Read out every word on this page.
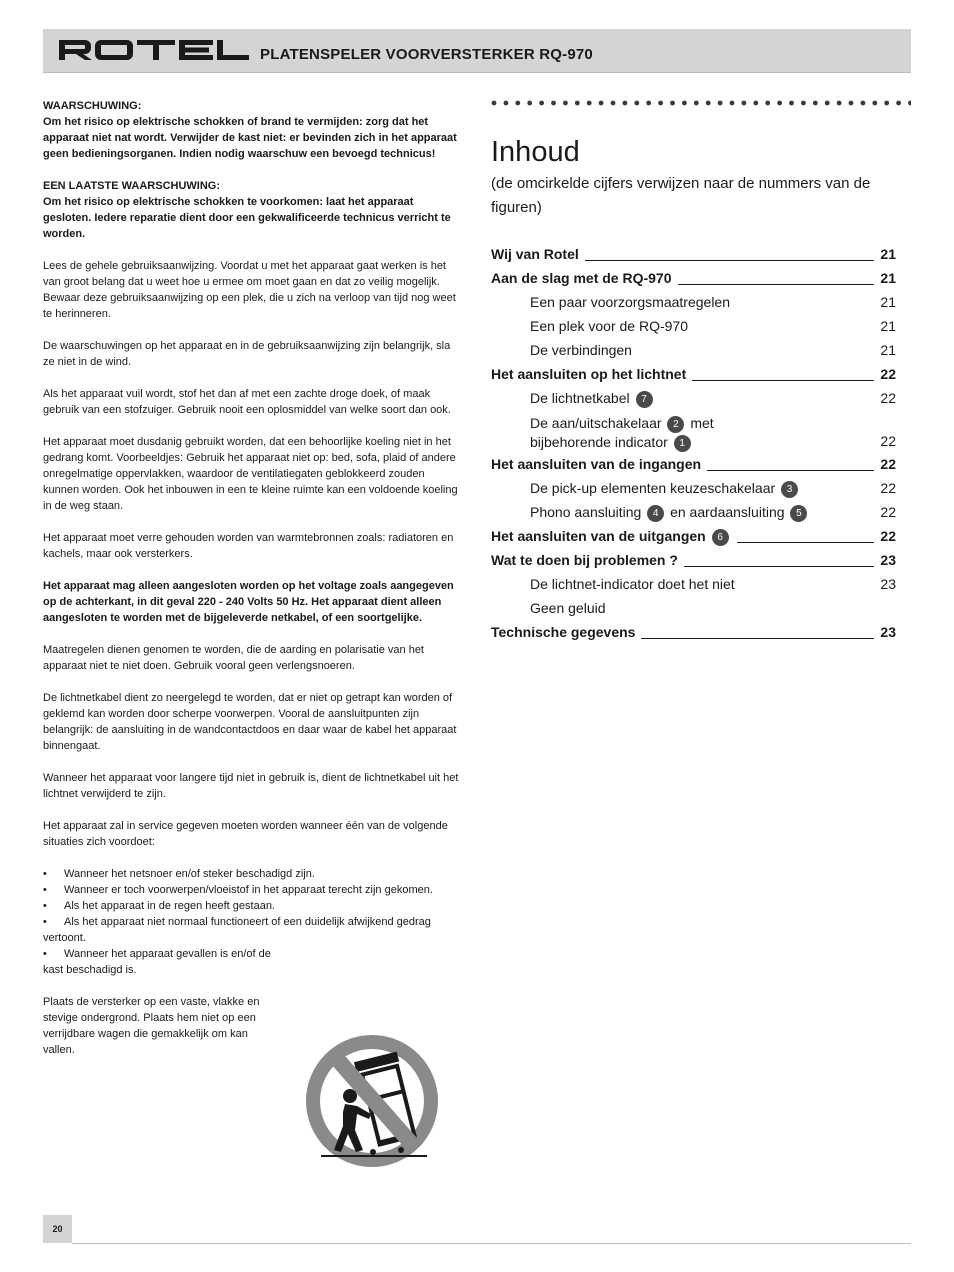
PLATENSPELER VOORVERSTERKER RQ-970

WAARSCHUWING:
Om het risico op elektrische schokken of brand te vermijden: zorg dat het apparaat niet nat wordt. Verwijder de kast niet: er bevinden zich in het apparaat geen bedieningsorganen. Indien nodig waarschuw een bevoegd technicus!

EEN LAATSTE WAARSCHUWING:
Om het risico op elektrische schokken te voorkomen: laat het apparaat gesloten. Iedere reparatie dient door een gekwalificeerde technicus verricht te worden.

Lees de gehele gebruiksaanwijzing. Voordat u met het apparaat gaat werken is het van groot belang dat u weet hoe u ermee om moet gaan en dat zo veilig mogelijk. Bewaar deze gebruiksaanwijzing op een plek, die u zich na verloop van tijd nog weet te herinneren.

De waarschuwingen op het apparaat en in de gebruiksaanwijzing zijn belangrijk, sla ze niet in de wind.

Als het apparaat vuil wordt, stof het dan af met een zachte droge doek, of maak gebruik van een stofzuiger. Gebruik nooit een oplosmiddel van welke soort dan ook.

Het apparaat moet dusdanig gebruikt worden, dat een behoorlijke koeling niet in het gedrang komt. Voorbeeldjes: Gebruik het apparaat niet op: bed, sofa, plaid of andere onregelmatige oppervlakken, waardoor de ventilatiegaten geblokkeerd zouden kunnen worden. Ook het inbouwen in een te kleine ruimte kan een voldoende koeling in de weg staan.

Het apparaat moet verre gehouden worden van warmtebronnen zoals: radiatoren en kachels, maar ook versterkers.

Het apparaat mag alleen aangesloten worden op het voltage zoals aangegeven op de achterkant, in dit geval 220 - 240 Volts 50 Hz. Het apparaat dient alleen aangesloten te worden met de bijgeleverde netkabel, of een soortgelijke.

Maatregelen dienen genomen te worden, die de aarding en polarisatie van het apparaat niet te niet doen. Gebruik vooral geen verlengsnoeren.

De lichtnetkabel dient zo neergelegd te worden, dat er niet op getrapt kan worden of geklemd kan worden door scherpe voorwerpen. Vooral de aansluitpunten zijn belangrijk: de aansluiting in de wandcontactdoos en daar waar de kabel het apparaat binnengaat.

Wanneer het apparaat voor langere tijd niet in gebruik is, dient de lichtnetkabel uit het lichtnet verwijderd te zijn.

Het apparaat zal in service gegeven moeten worden wanneer één van de volgende situaties zich voordoet:

• Wanneer het netsnoer en/of steker beschadigd zijn.
• Wanneer er toch voorwerpen/vloeistof in het apparaat terecht zijn gekomen.
• Als het apparaat in de regen heeft gestaan.
• Als het apparaat niet normaal functioneert of een duidelijk afwijkend gedrag vertoont.
• Wanneer het apparaat gevallen is en/of de kast beschadigd is.

Plaats de versterker op een vaste, vlakke en stevige ondergrond. Plaats hem niet op een verrijdbare wagen die gemakkelijk om kan vallen.

Inhoud
(de omcirkelde cijfers verwijzen naar de nummers van de figuren)
Wij van Rotel	21
Aan de slag met de RQ-970	21
Een paar voorzorgsmaatregelen	21
Een plek voor de RQ-970	21
De verbindingen	21
Het aansluiten op het lichtnet	22
De lichtnetkabel 7	22
De aan/uitschakelaar 2 met
bijbehorende indicator 1	22
Het aansluiten van de ingangen	22
De pick-up elementen keuzeschakelaar 3	22
Phono aansluiting 4 en aardaansluiting 5	22
Het aansluiten van de uitgangen 6	22
Wat te doen bij problemen ?	23
De lichtnet-indicator doet het niet	23
Geen geluid
Technische gegevens	23
20
